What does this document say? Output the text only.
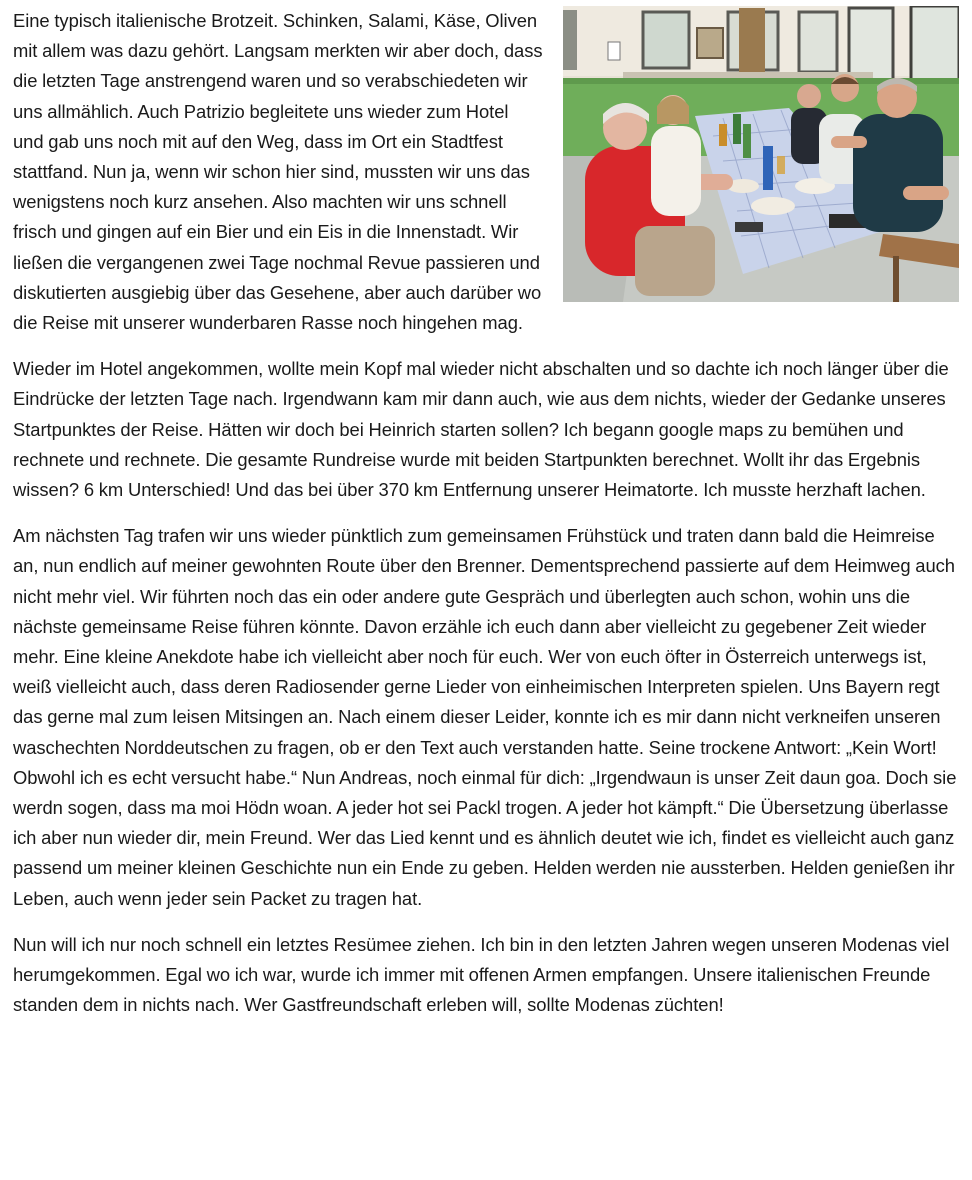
Eine typisch italienische Brotzeit. Schinken, Salami, Käse, Oliven mit allem was dazu gehört. Langsam merkten wir aber doch, dass die letzten Tage anstrengend waren und so verabschiedeten wir uns allmählich. Auch Patrizio begleitete uns wieder zum Hotel und gab uns noch mit auf den Weg, dass im Ort ein Stadtfest stattfand. Nun ja, wenn wir schon hier sind, mussten wir uns das wenigstens noch kurz ansehen. Also machten wir uns schnell frisch und gingen auf ein Bier und ein Eis in die Innenstadt. Wir ließen die vergangenen zwei Tage nochmal Revue passieren und diskutierten ausgiebig über das Gesehene, aber auch darüber wo die Reise mit unserer wunderbaren Rasse noch hingehen mag.

Wieder im Hotel angekommen, wollte mein Kopf mal wieder nicht abschalten und so dachte ich noch länger über die Eindrücke der letzten Tage nach. Irgendwann kam mir dann auch, wie aus dem nichts, wieder der Gedanke unseres Startpunktes der Reise. Hätten wir doch bei Heinrich starten sollen? Ich begann google maps zu bemühen und rechnete und rechnete. Die gesamte Rundreise wurde mit beiden Startpunkten berechnet. Wollt ihr das Ergebnis wissen? 6 km Unterschied! Und das bei über 370 km Entfernung unserer Heimatorte. Ich musste herzhaft lachen.

Am nächsten Tag trafen wir uns wieder pünktlich zum gemeinsamen Frühstück und traten dann bald die Heimreise an, nun endlich auf meiner gewohnten Route über den Brenner. Dementsprechend passierte auf dem Heimweg auch nicht mehr viel. Wir führten noch das ein oder andere gute Gespräch und überlegten auch schon, wohin uns die nächste gemeinsame Reise führen könnte. Davon erzähle ich euch dann aber vielleicht zu gegebener Zeit wieder mehr. Eine kleine Anekdote habe ich vielleicht aber noch für euch. Wer von euch öfter in Österreich unterwegs ist, weiß vielleicht auch, dass deren Radiosender gerne Lieder von einheimischen Interpreten spielen. Uns Bayern regt das gerne mal zum leisen Mitsingen an. Nach einem dieser Leider, konnte ich es mir dann nicht verkneifen unseren waschechten Norddeutschen zu fragen, ob er den Text auch verstanden hatte. Seine trockene Antwort: „Kein Wort! Obwohl ich es echt versucht habe.“ Nun Andreas, noch einmal für dich: „Irgendwaun is unser Zeit daun goa. Doch sie werdn sogen, dass ma moi Hödn woan. A jeder hot sei Packl trogen. A jeder hot kämpft.“ Die Übersetzung überlasse ich aber nun wieder dir, mein Freund. Wer das Lied kennt und es ähnlich deutet wie ich, findet es vielleicht auch ganz passend um meiner kleinen Geschichte nun ein Ende zu geben. Helden werden nie aussterben. Helden genießen ihr Leben, auch wenn jeder sein Packet zu tragen hat.

Nun will ich nur noch schnell ein letztes Resümee ziehen. Ich bin in den letzten Jahren wegen unseren Modenas viel herumgekommen. Egal wo ich war, wurde ich immer mit offenen Armen empfangen. Unsere italienischen Freunde standen dem in nichts nach. Wer Gastfreundschaft erleben will, sollte Modenas züchten!
